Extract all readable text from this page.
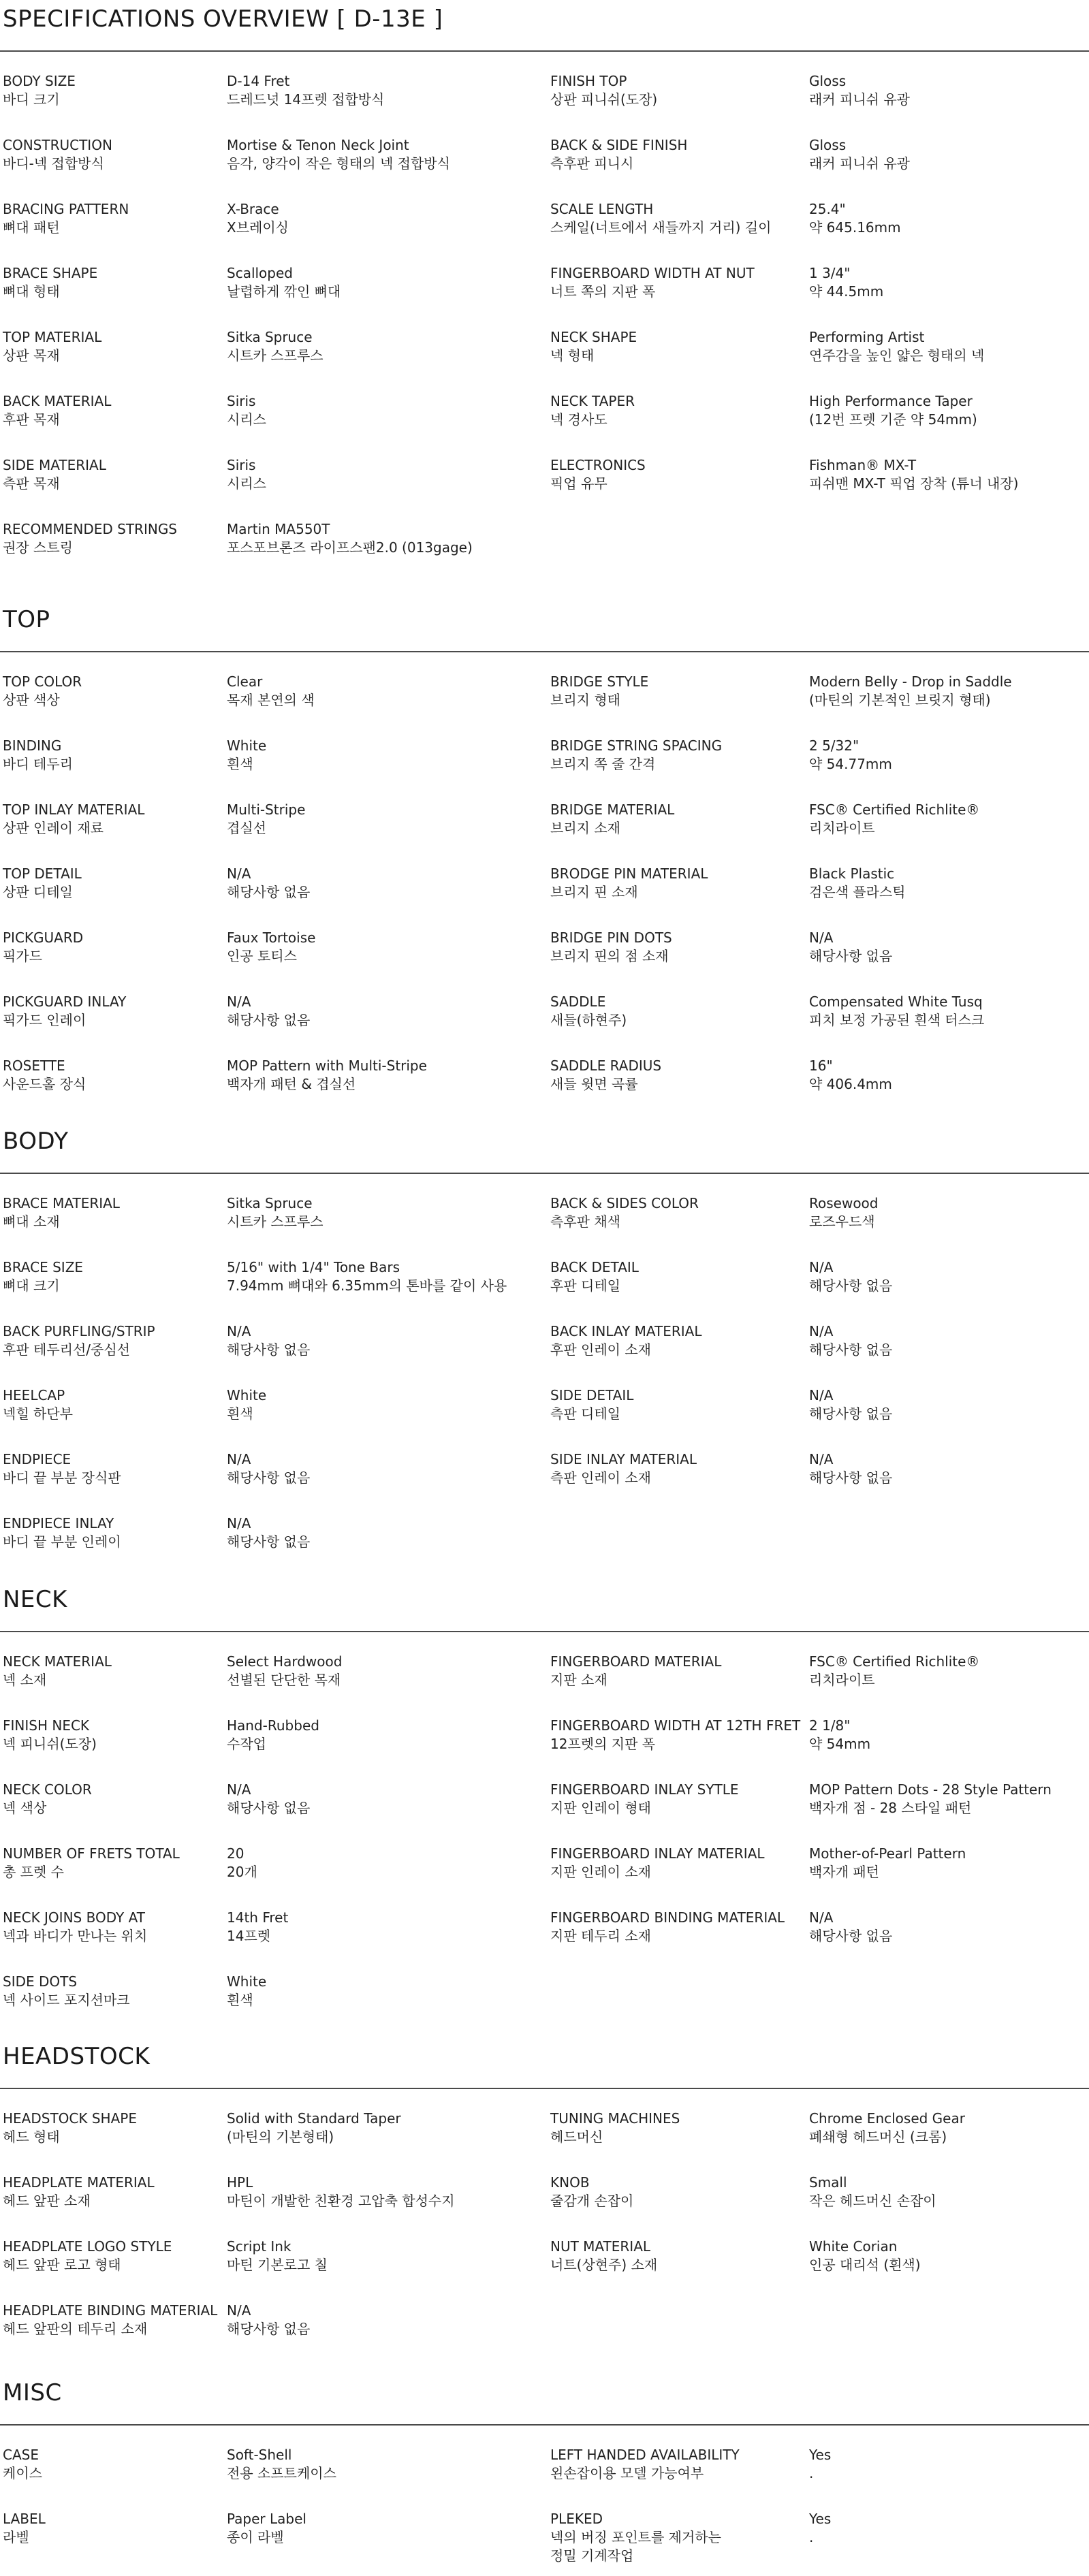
SPECIFICATIONS OVERVIEW [ D-13E ]
BODY SIZE
바디 크기
D-14 Fret
드레드넛 14프렛 접합방식
FINISH TOP
상판 피니쉬(도장)
Gloss
래커 피니쉬 유광
CONSTRUCTION
바디-넥 접합방식
Mortise & Tenon Neck Joint
음각, 양각이 작은 형태의 넥 접합방식
BACK & SIDE FINISH
측후판 피니시
Gloss
래커 피니쉬 유광
BRACING PATTERN
뼈대 패턴
X-Brace
X브레이싱
SCALE LENGTH
스케일(너트에서 새들까지 거리) 길이
25.4"
약 645.16mm
BRACE SHAPE
뼈대 형태
Scalloped
날렵하게 깎인 뼈대
FINGERBOARD WIDTH AT NUT
너트 쪽의 지판 폭
1 3/4"
약 44.5mm
TOP MATERIAL
상판 목재
Sitka Spruce
시트카 스프루스
NECK SHAPE
넥 형태
Performing Artist
연주감을 높인 얇은 형태의 넥
BACK MATERIAL
후판 목재
Siris
시리스
NECK TAPER
넥 경사도
High Performance Taper
(12번 프렛 기준 약 54mm)
SIDE MATERIAL
측판 목재
Siris
시리스
ELECTRONICS
픽업 유무
Fishman® MX-T
피쉬맨 MX-T 픽업 장착 (튜너 내장)
RECOMMENDED STRINGS
권장 스트링
Martin MA550T
포스포브론즈 라이프스팬2.0 (013gage)
TOP
TOP COLOR
상판 색상
Clear
목재 본연의 색
BRIDGE STYLE
브리지 형태
Modern Belly - Drop in Saddle
(마틴의 기본적인 브릿지 형태)
BINDING
바디 테두리
White
흰색
BRIDGE STRING SPACING
브리지 쪽 줄 간격
2 5/32"
약 54.77mm
TOP INLAY MATERIAL
상판 인레이 재료
Multi-Stripe
겹실선
BRIDGE MATERIAL
브리지 소재
FSC® Certified Richlite®
리치라이트
TOP DETAIL
상판 디테일
N/A
해당사항 없음
BRODGE PIN MATERIAL
브리지 핀 소재
Black Plastic
검은색 플라스틱
PICKGUARD
픽가드
Faux Tortoise
인공 토티스
BRIDGE PIN DOTS
브리지 핀의 점 소재
N/A
해당사항 없음
PICKGUARD INLAY
픽가드 인레이
N/A
해당사항 없음
SADDLE
새들(하현주)
Compensated White Tusq
피치 보정 가공된 흰색 터스크
ROSETTE
사운드홀 장식
MOP Pattern with Multi-Stripe
백자개 패턴 & 겹실선
SADDLE RADIUS
새들 윗면 곡률
16"
약 406.4mm
BODY
BRACE MATERIAL
뼈대 소재
Sitka Spruce
시트카 스프루스
BACK & SIDES COLOR
측후판 채색
Rosewood
로즈우드색
BRACE SIZE
뼈대 크기
5/16" with 1/4" Tone Bars
7.94mm 뼈대와 6.35mm의 톤바를 같이 사용
BACK DETAIL
후판 디테일
N/A
해당사항 없음
BACK PURFLING/STRIP
후판 테두리선/중심선
N/A
해당사항 없음
BACK INLAY MATERIAL
후판 인레이 소재
N/A
해당사항 없음
HEELCAP
넥힐 하단부
White
흰색
SIDE DETAIL
측판 디테일
N/A
해당사항 없음
ENDPIECE
바디 끝 부분 장식판
N/A
해당사항 없음
SIDE INLAY MATERIAL
측판 인레이 소재
N/A
해당사항 없음
ENDPIECE INLAY
바디 끝 부분 인레이
N/A
해당사항 없음
NECK
NECK MATERIAL
넥 소재
Select Hardwood
선별된 단단한 목재
FINGERBOARD MATERIAL
지판 소재
FSC® Certified Richlite®
리치라이트
FINISH NECK
넥 피니쉬(도장)
Hand-Rubbed
수작업
FINGERBOARD WIDTH AT 12TH FRET
12프렛의 지판 폭
2 1/8"
약 54mm
NECK COLOR
넥 색상
N/A
해당사항 없음
FINGERBOARD INLAY SYTLE
지판 인레이 형태
MOP Pattern Dots - 28 Style Pattern
백자개 점 - 28 스타일 패턴
NUMBER OF FRETS TOTAL
총 프렛 수
20
20개
FINGERBOARD INLAY MATERIAL
지판 인레이 소재
Mother-of-Pearl Pattern
백자개 패턴
NECK JOINS BODY AT
넥과 바디가 만나는 위치
14th Fret
14프렛
FINGERBOARD BINDING MATERIAL
지판 테두리 소재
N/A
해당사항 없음
SIDE DOTS
넥 사이드 포지션마크
White
흰색
HEADSTOCK
HEADSTOCK SHAPE
헤드 형태
Solid with Standard Taper
(마틴의 기본형태)
TUNING MACHINES
헤드머신
Chrome Enclosed Gear
폐쇄형 헤드머신 (크롬)
HEADPLATE MATERIAL
헤드 앞판 소재
HPL
마틴이 개발한 친환경 고압축 합성수지
KNOB
줄감개 손잡이
Small
작은 헤드머신 손잡이
HEADPLATE LOGO STYLE
헤드 앞판 로고 형태
Script Ink
마틴 기본로고 칠
NUT MATERIAL
너트(상현주) 소재
White Corian
인공 대리석 (흰색)
HEADPLATE BINDING MATERIAL
헤드 앞판의 테두리 소재
N/A
해당사항 없음
MISC
CASE
케이스
Soft-Shell
전용 소프트케이스
LEFT HANDED AVAILABILITY
왼손잡이용 모델 가능여부
Yes
.
LABEL
라벨
Paper Label
종이 라벨
PLEKED
넥의 버징 포인트를 제거하는
정밀 기계작업
Yes
.
